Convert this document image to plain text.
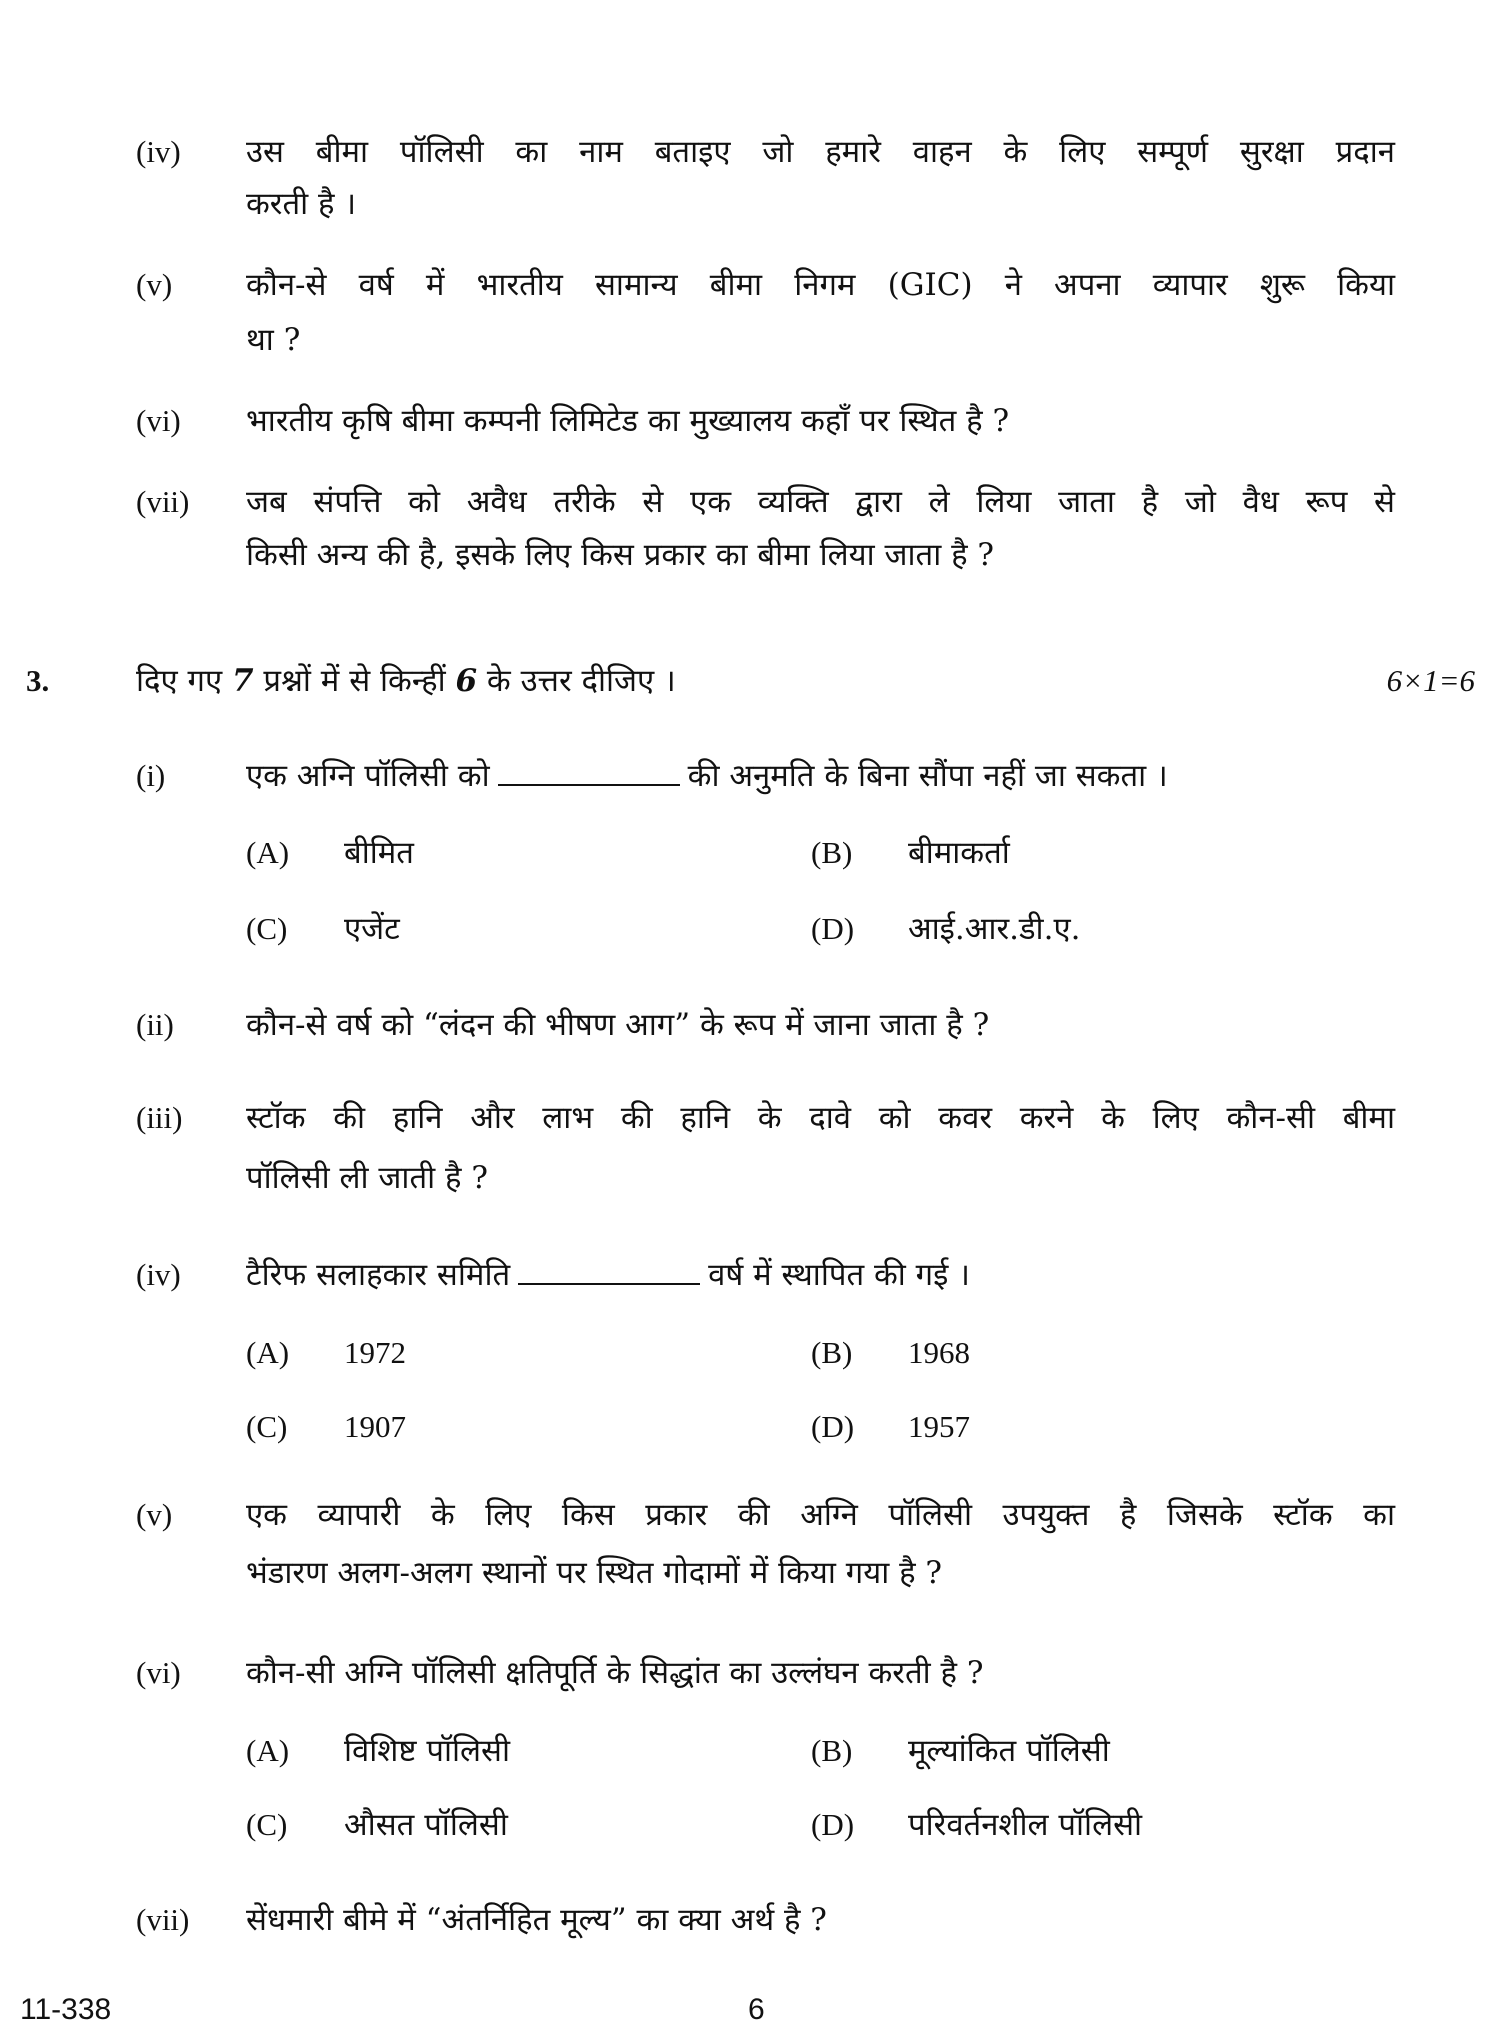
(iv) उस बीमा पॉलिसी का नाम बताइए जो हमारे वाहन के लिए सम्पूर्ण सुरक्षा प्रदान
करती है ।
(v) कौन-से वर्ष में भारतीय सामान्य बीमा निगम (GIC) ने अपना व्यापार शुरू किया
था ?
(vi) भारतीय कृषि बीमा कम्पनी लिमिटेड का मुख्यालय कहाँ पर स्थित है ?
(vii) जब संपत्ति को अवैध तरीके से एक व्यक्ति द्वारा ले लिया जाता है जो वैध रूप से
किसी अन्य की है, इसके लिए किस प्रकार का बीमा लिया जाता है ?
3.	दिए गए 7 प्रश्नों में से किन्हीं 6 के उत्तर दीजिए ।	6×1=6
(i)	एक अग्नि पॉलिसी को	की अनुमति के बिना सौंपा नहीं जा सकता ।
(A) बीमित	(B) बीमाकर्ता
(C) एजेंट	(D) आई.आर.डी.ए.
(ii) कौन-से वर्ष को “लंदन की भीषण आग” के रूप में जाना जाता है ?
(iii) स्टॉक की हानि और लाभ की हानि के दावे को कवर करने के लिए कौन-सी बीमा
पॉलिसी ली जाती है ?
(iv) टैरिफ सलाहकार समिति	वर्ष में स्थापित की गई ।
(A) 1972	(B) 1968
(C) 1907	(D) 1957
(v) एक व्यापारी के लिए किस प्रकार की अग्नि पॉलिसी उपयुक्त है जिसके स्टॉक का
भंडारण अलग-अलग स्थानों पर स्थित गोदामों में किया गया है ?
(vi) कौन-सी अग्नि पॉलिसी क्षतिपूर्ति के सिद्धांत का उल्लंघन करती है ?
(A) विशिष्ट पॉलिसी	(B) मूल्यांकित पॉलिसी
(C) औसत पॉलिसी	(D) परिवर्तनशील पॉलिसी
(vii) सेंधमारी बीमे में “अंतर्निहित मूल्य” का क्या अर्थ है ?
11-338	6
